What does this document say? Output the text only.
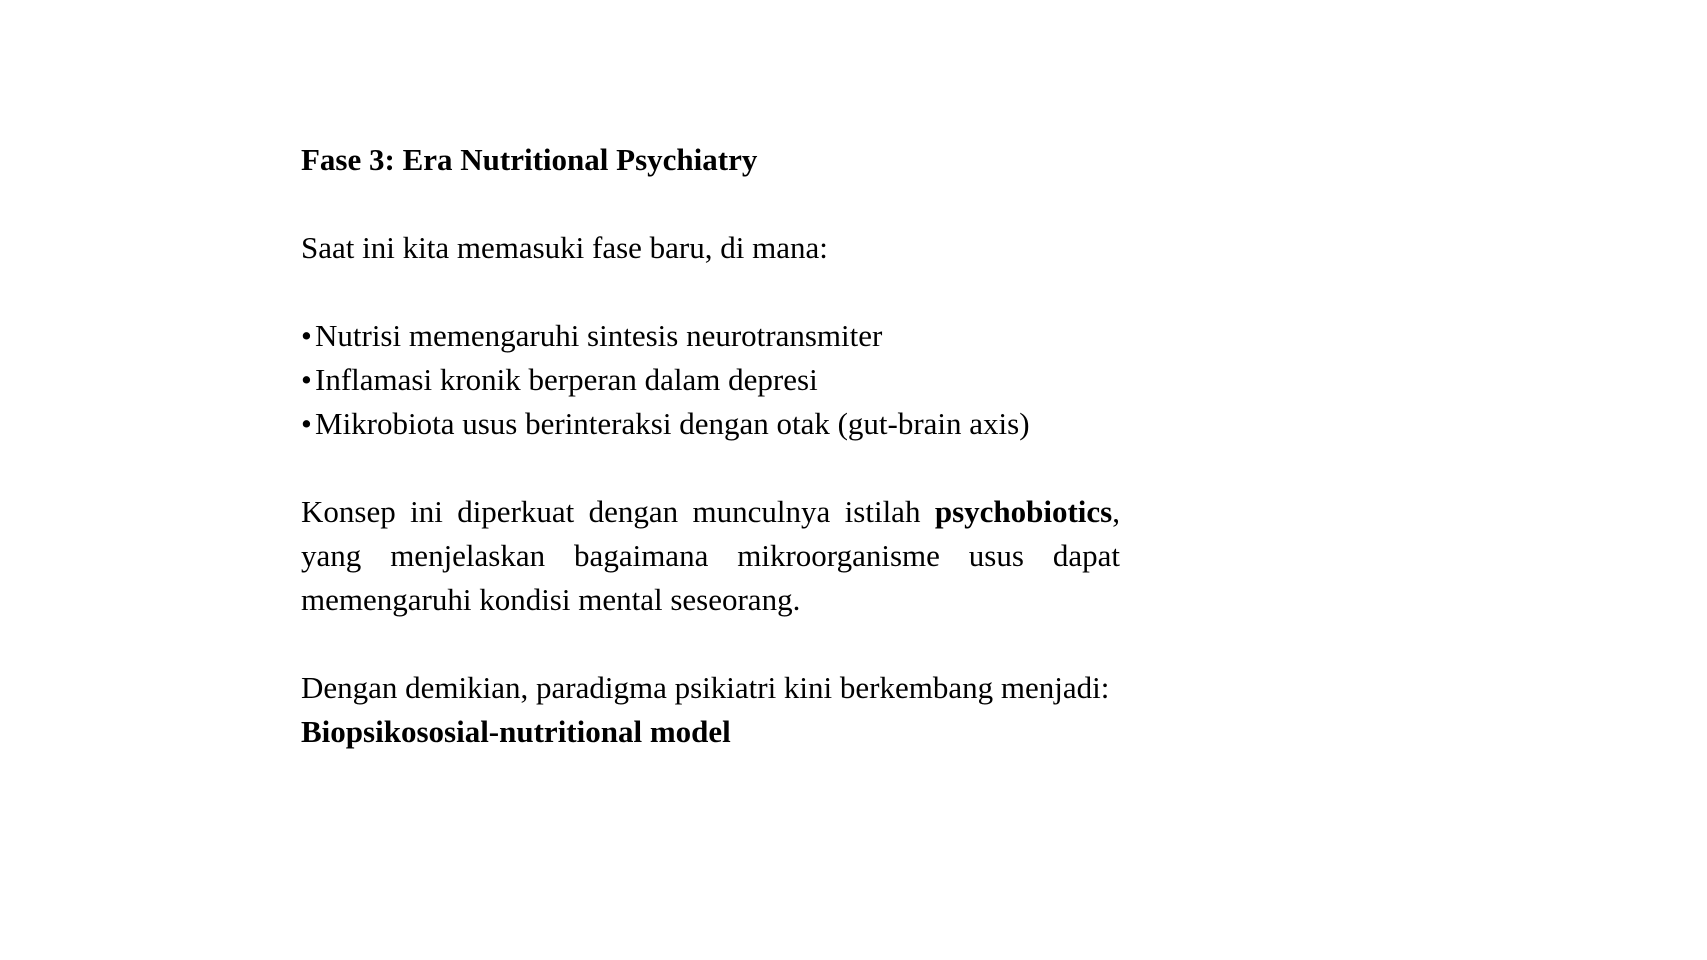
Fase 3: Era Nutritional Psychiatry

Saat ini kita memasuki fase baru, di mana:

• Nutrisi memengaruhi sintesis neurotransmiter
• Inflamasi kronik berperan dalam depresi
• Mikrobiota usus berinteraksi dengan otak (gut-brain axis)

Konsep ini diperkuat dengan munculnya istilah psychobiotics, yang menjelaskan bagaimana mikroorganisme usus dapat memengaruhi kondisi mental seseorang.

Dengan demikian, paradigma psikiatri kini berkembang menjadi:

Biopsikososial-nutritional model
